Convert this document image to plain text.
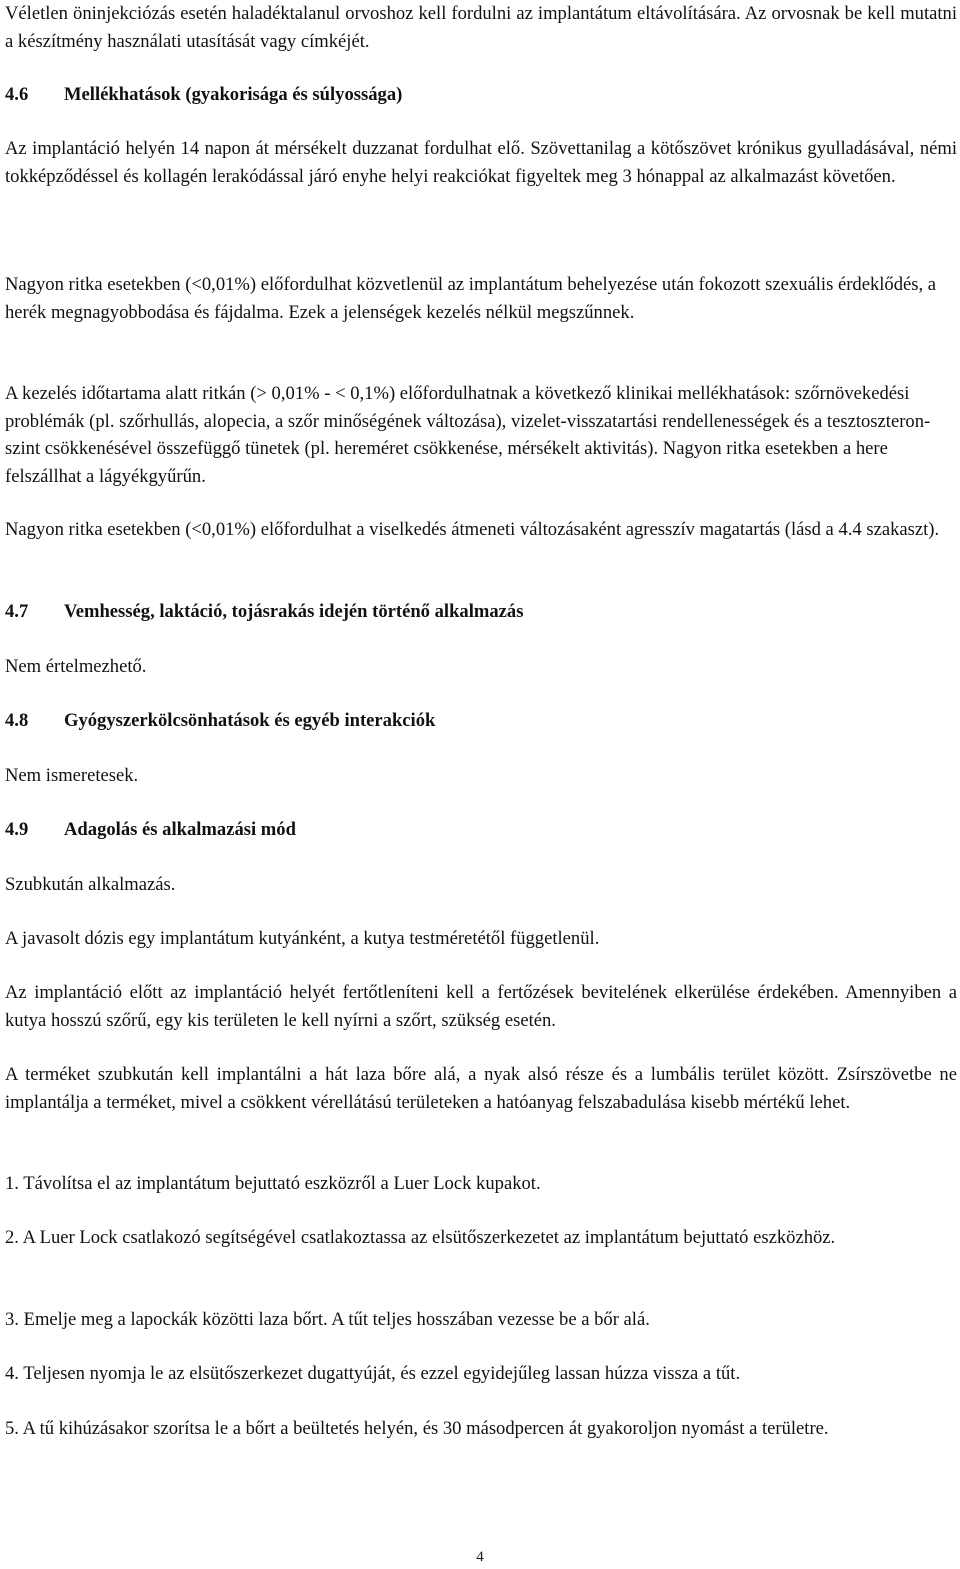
Véletlen öninjekciózás esetén haladéktalanul orvoshoz kell fordulni az implantátum eltávolítására. Az orvosnak be kell mutatni a készítmény használati utasítását vagy címkéjét.

4.6 Mellékhatások (gyakorisága és súlyossága)

Az implantáció helyén 14 napon át mérsékelt duzzanat fordulhat elő. Szövettanilag a kötőszövet krónikus gyulladásával, némi tokképződéssel és kollagén lerakódással járó enyhe helyi reakciókat figyeltek meg 3 hónappal az alkalmazást követően.

Nagyon ritka esetekben (<0,01%) előfordulhat közvetlenül az implantátum behelyezése után fokozott szexuális érdeklődés, a herék megnagyobbodása és fájdalma. Ezek a jelenségek kezelés nélkül megszűnnek.

A kezelés időtartama alatt ritkán (> 0,01% - < 0,1%) előfordulhatnak a következő klinikai mellékhatások: szőrnövekedési problémák (pl. szőrhullás, alopecia, a szőr minőségének változása), vizelet-visszatartási rendellenességek és a tesztoszteron-szint csökkenésével összefüggő tünetek (pl. hereméret csökkenése, mérsékelt aktivitás). Nagyon ritka esetekben a here felszállhat a lágyékgyűrűn.

Nagyon ritka esetekben (<0,01%) előfordulhat a viselkedés átmeneti változásaként agresszív magatartás (lásd a 4.4 szakaszt).

4.7 Vemhesség, laktáció, tojásrakás idején történő alkalmazás

Nem értelmezhető.

4.8 Gyógyszerkölcsönhatások és egyéb interakciók

Nem ismeretesek.

4.9 Adagolás és alkalmazási mód

Szubkután alkalmazás.

A javasolt dózis egy implantátum kutyánként, a kutya testméretétől függetlenül.

Az implantáció előtt az implantáció helyét fertőtleníteni kell a fertőzések bevitelének elkerülése érdekében. Amennyiben a kutya hosszú szőrű, egy kis területen le kell nyírni a szőrt, szükség esetén.

A terméket szubkután kell implantálni a hát laza bőre alá, a nyak alsó része és a lumbális terület között. Zsírszövetbe ne implantálja a terméket, mivel a csökkent vérellátású területeken a hatóanyag felszabadulása kisebb mértékű lehet.

1. Távolítsa el az implantátum bejuttató eszközről a Luer Lock kupakot.

2. A Luer Lock csatlakozó segítségével csatlakoztassa az elsütőszerkezetet az implantátum bejuttató eszközhöz.

3. Emelje meg a lapockák közötti laza bőrt. A tűt teljes hosszában vezesse be a bőr alá.

4. Teljesen nyomja le az elsütőszerkezet dugattyúját, és ezzel egyidejűleg lassan húzza vissza a tűt.

5. A tű kihúzásakor szorítsa le a bőrt a beültetés helyén, és 30 másodpercen át gyakoroljon nyomást a területre.

4
